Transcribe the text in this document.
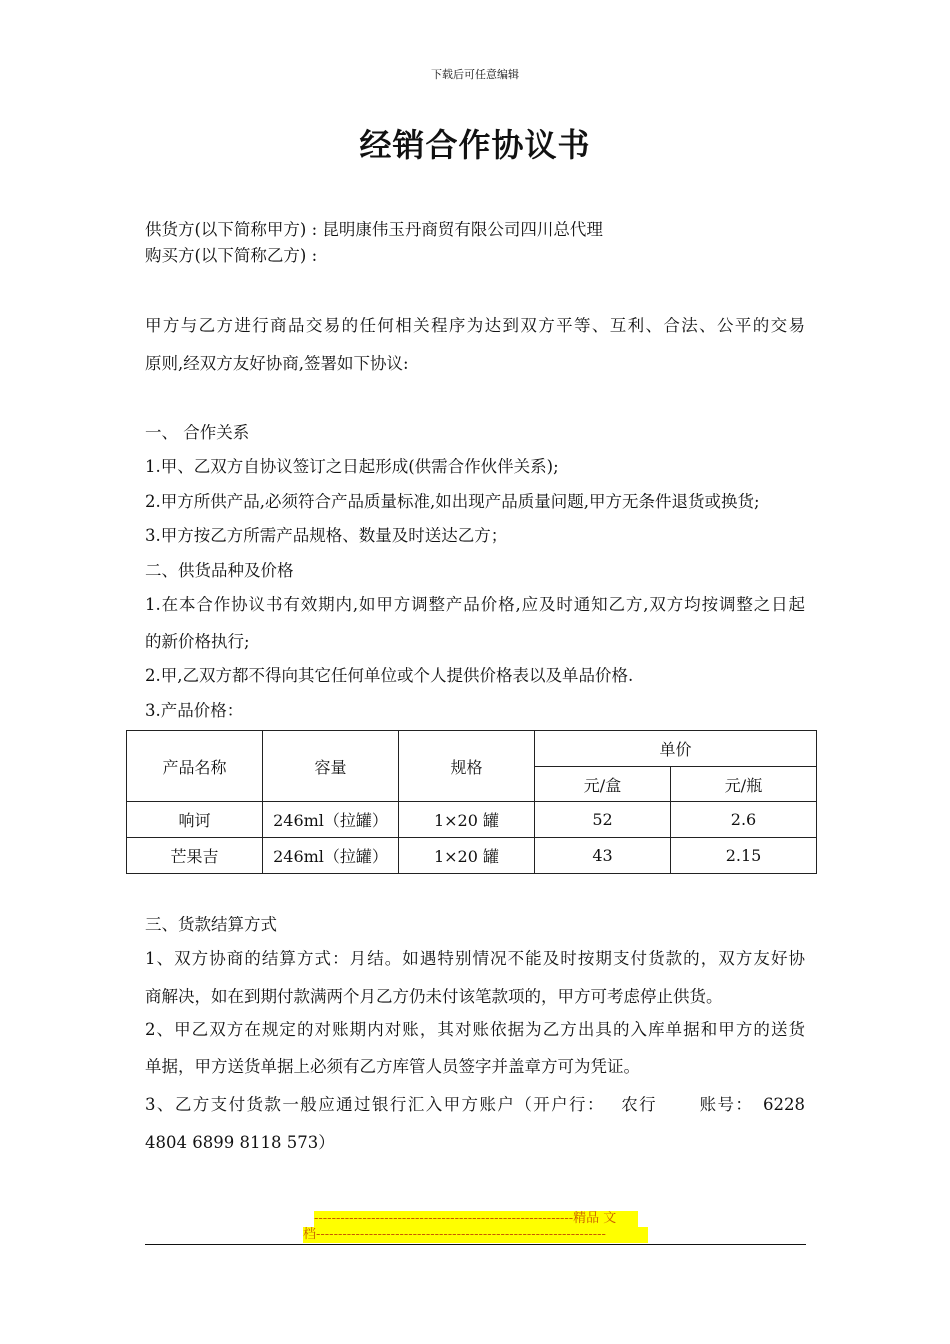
下载后可任意编辑
经销合作协议书
供货方(以下简称甲方) : 昆明康伟玉丹商贸有限公司四川总代理
购买方(以下简称乙方) :
甲方与乙方进行商品交易的任何相关程序为达到双方平等、互利、合法、公平的交易
原则,经双方友好协商,签署如下协议:
一、 合作关系
1.甲、乙双方自协议签订之日起形成(供需合作伙伴关系);
2.甲方所供产品,必须符合产品质量标准,如出现产品质量问题,甲方无条件退货或换货;
3.甲方按乙方所需产品规格、数量及时送达乙方；
二、供货品种及价格
1.在本合作协议书有效期内,如甲方调整产品价格,应及时通知乙方,双方均按调整之日起
的新价格执行;
2.甲,乙双方都不得向其它任何单位或个人提供价格表以及单品价格.
3.产品价格：
产品名称	容量	规格	单价	
			元/盒	元/瓶
响诃	246ml（拉罐）	1×20 罐	52	2.6
芒果吉	246ml（拉罐）	1×20 罐	43	2.15
三、货款结算方式
1、双方协商的结算方式：月结。如遇特别情况不能及时按期支付货款的，双方友好协
商解决，如在到期付款满两个月乙方仍未付该笔款项的，甲方可考虑停止供货。
2、甲乙双方在规定的对账期内对账，其对账依据为乙方出具的入库单据和甲方的送货
单据，甲方送货单据上必须有乙方库管人员签字并盖章方可为凭证。
3、乙方支付货款一般应通过银行汇入甲方账户（开户行：　 农行　　 账号：　6228
4804 6899 8118 573）
-----------------------------------------------------------精品 文
档------------------------------------------------------------------
